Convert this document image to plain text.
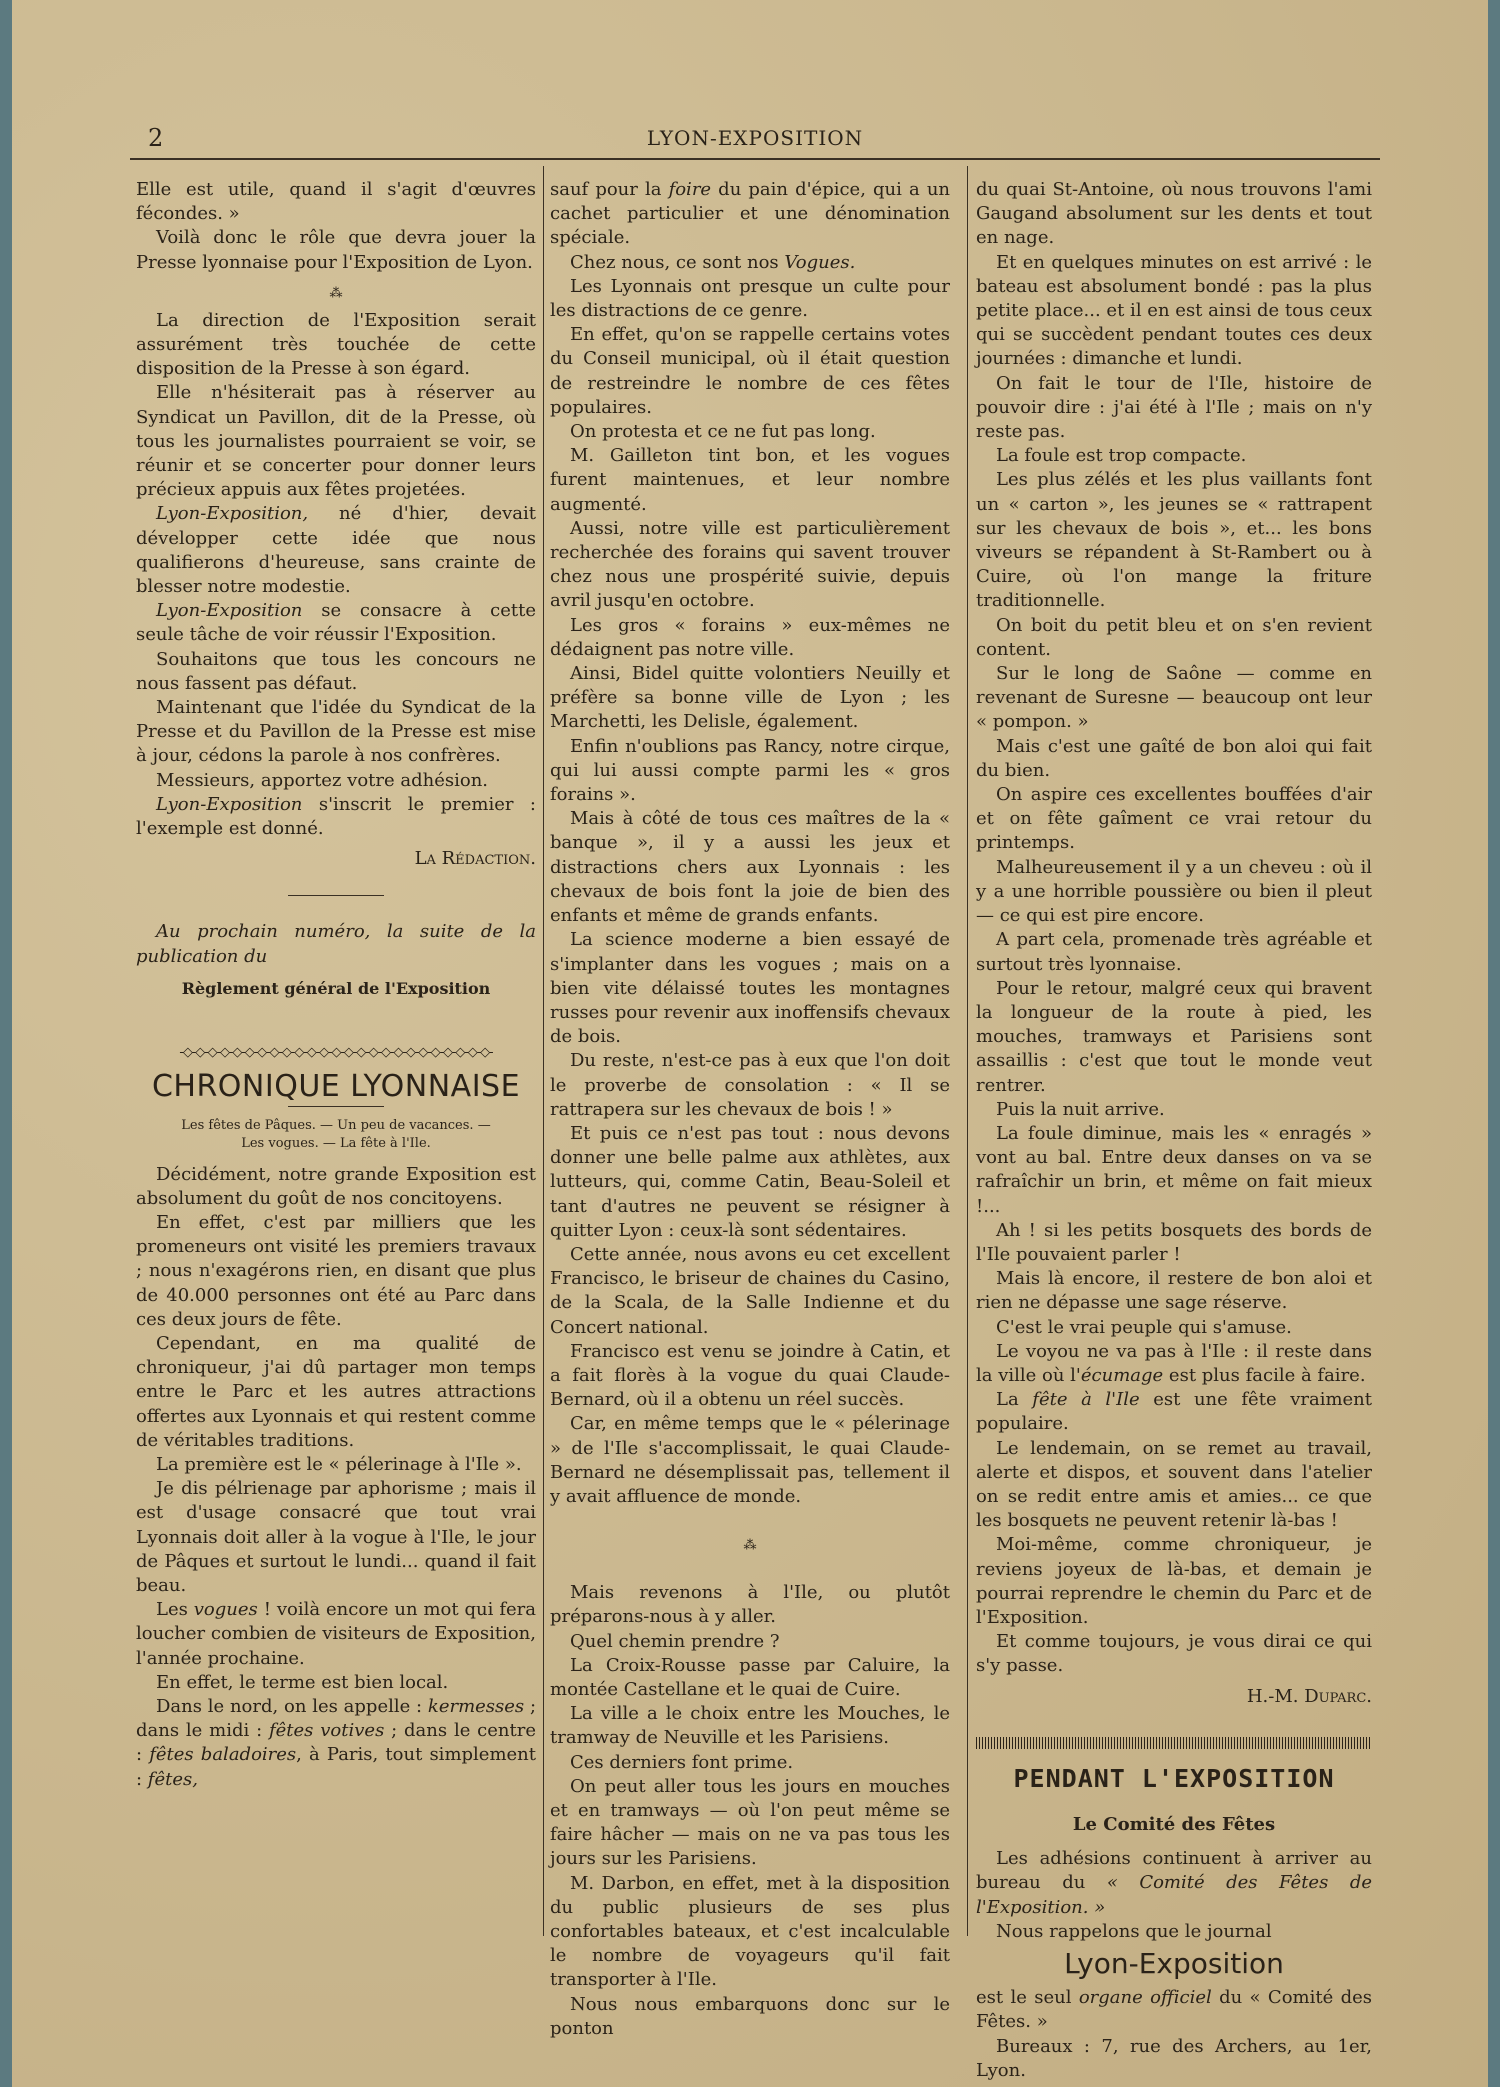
2	LYON-EXPOSITION

Elle est utile, quand il s'agit d'œuvres fécondes. »

Voilà donc le rôle que devra jouer la Presse lyonnaise pour l'Exposition de Lyon.

⁂

La direction de l'Exposition serait assurément très touchée de cette disposition de la Presse à son égard.

Elle n'hésiterait pas à réserver au Syndicat un Pavillon, dit de la Presse, où tous les journalistes pourraient se voir, se réunir et se concerter pour donner leurs précieux appuis aux fêtes projetées.

Lyon-Exposition, né d'hier, devait développer cette idée que nous qualifierons d'heureuse, sans crainte de blesser notre modestie.

Lyon-Exposition se consacre à cette seule tâche de voir réussir l'Exposition.

Souhaitons que tous les concours ne nous fassent pas défaut.

Maintenant que l'idée du Syndicat de la Presse et du Pavillon de la Presse est mise à jour, cédons la parole à nos confrères.

Messieurs, apportez votre adhésion.

Lyon-Exposition s'inscrit le premier : l'exemple est donné.

La Rédaction.

Au prochain numéro, la suite de la publication du

Règlement général de l'Exposition
-◇-◇-◇-◇-◇-◇-◇-◇-◇-◇-◇-◇-◇-◇-◇-◇-◇-◇-◇-◇-◇-◇-◇-◇-◇-
CHRONIQUE LYONNAISE
Les fêtes de Pâques. — Un peu de vacances. —
Les vogues. — La fête à l'Ile.

Décidément, notre grande Exposition est absolument du goût de nos concitoyens.

En effet, c'est par milliers que les promeneurs ont visité les premiers travaux ; nous n'exagérons rien, en disant que plus de 40.000 personnes ont été au Parc dans ces deux jours de fête.

Cependant, en ma qualité de chroniqueur, j'ai dû partager mon temps entre le Parc et les autres attractions offertes aux Lyonnais et qui restent comme de véritables traditions.

La première est le « pélerinage à l'Ile ».

Je dis pélrienage par aphorisme ; mais il est d'usage consacré que tout vrai Lyonnais doit aller à la vogue à l'Ile, le jour de Pâques et surtout le lundi... quand il fait beau.

Les vogues ! voilà encore un mot qui fera loucher combien de visiteurs de Exposition, l'année prochaine.

En effet, le terme est bien local.

Dans le nord, on les appelle : kermesses ; dans le midi : fêtes votives ; dans le centre : fêtes baladoires, à Paris, tout simplement : fêtes,

sauf pour la foire du pain d'épice, qui a un cachet particulier et une dénomination spéciale.

Chez nous, ce sont nos Vogues.

Les Lyonnais ont presque un culte pour les distractions de ce genre.

En effet, qu'on se rappelle certains votes du Conseil municipal, où il était question de restreindre le nombre de ces fêtes populaires.

On protesta et ce ne fut pas long.

M. Gailleton tint bon, et les vogues furent maintenues, et leur nombre augmenté.

Aussi, notre ville est particulièrement recherchée des forains qui savent trouver chez nous une prospérité suivie, depuis avril jusqu'en octobre.

Les gros « forains » eux-mêmes ne dédaignent pas notre ville.

Ainsi, Bidel quitte volontiers Neuilly et préfère sa bonne ville de Lyon ; les Marchetti, les Delisle, également.

Enfin n'oublions pas Rancy, notre cirque, qui lui aussi compte parmi les « gros forains ».

Mais à côté de tous ces maîtres de la « banque », il y a aussi les jeux et distractions chers aux Lyonnais : les chevaux de bois font la joie de bien des enfants et même de grands enfants.

La science moderne a bien essayé de s'implanter dans les vogues ; mais on a bien vite délaissé toutes les montagnes russes pour revenir aux inoffensifs chevaux de bois.

Du reste, n'est-ce pas à eux que l'on doit le proverbe de consolation : « Il se rattrapera sur les chevaux de bois ! »

Et puis ce n'est pas tout : nous devons donner une belle palme aux athlètes, aux lutteurs, qui, comme Catin, Beau-Soleil et tant d'autres ne peuvent se résigner à quitter Lyon : ceux-là sont sédentaires.

Cette année, nous avons eu cet excellent Francisco, le briseur de chaines du Casino, de la Scala, de la Salle Indienne et du Concert national.

Francisco est venu se joindre à Catin, et a fait florès à la vogue du quai Claude-Bernard, où il a obtenu un réel succès.

Car, en même temps que le « pélerinage » de l'Ile s'accomplissait, le quai Claude-Bernard ne désemplissait pas, tellement il y avait affluence de monde.

⁂

Mais revenons à l'Ile, ou plutôt préparons-nous à y aller.

Quel chemin prendre ?

La Croix-Rousse passe par Caluire, la montée Castellane et le quai de Cuire.

La ville a le choix entre les Mouches, le tramway de Neuville et les Parisiens.

Ces derniers font prime.

On peut aller tous les jours en mouches et en tramways — où l'on peut même se faire hâcher — mais on ne va pas tous les jours sur les Parisiens.

M. Darbon, en effet, met à la disposition du public plusieurs de ses plus confortables bateaux, et c'est incalculable le nombre de voyageurs qu'il fait transporter à l'Ile.

Nous nous embarquons donc sur le ponton

du quai St-Antoine, où nous trouvons l'ami Gaugand absolument sur les dents et tout en nage.

Et en quelques minutes on est arrivé : le bateau est absolument bondé : pas la plus petite place... et il en est ainsi de tous ceux qui se succèdent pendant toutes ces deux journées : dimanche et lundi.

On fait le tour de l'Ile, histoire de pouvoir dire : j'ai été à l'Ile ; mais on n'y reste pas.

La foule est trop compacte.

Les plus zélés et les plus vaillants font un « carton », les jeunes se « rattrapent sur les chevaux de bois », et... les bons viveurs se répandent à St-Rambert ou à Cuire, où l'on mange la friture traditionnelle.

On boit du petit bleu et on s'en revient content.

Sur le long de Saône — comme en revenant de Suresne — beaucoup ont leur « pompon. »

Mais c'est une gaîté de bon aloi qui fait du bien.

On aspire ces excellentes bouffées d'air et on fête gaîment ce vrai retour du printemps.

Malheureusement il y a un cheveu : où il y a une horrible poussière ou bien il pleut — ce qui est pire encore.

A part cela, promenade très agréable et surtout très lyonnaise.

Pour le retour, malgré ceux qui bravent la longueur de la route à pied, les mouches, tramways et Parisiens sont assaillis : c'est que tout le monde veut rentrer.

Puis la nuit arrive.

La foule diminue, mais les « enragés » vont au bal. Entre deux danses on va se rafraîchir un brin, et même on fait mieux !...

Ah ! si les petits bosquets des bords de l'Ile pouvaient parler !

Mais là encore, il restere de bon aloi et rien ne dépasse une sage réserve.

C'est le vrai peuple qui s'amuse.

Le voyou ne va pas à l'Ile : il reste dans la ville où l'écumage est plus facile à faire.

La fête à l'Ile est une fête vraiment populaire.

Le lendemain, on se remet au travail, alerte et dispos, et souvent dans l'atelier on se redit entre amis et amies... ce que les bosquets ne peuvent retenir là-bas !

Moi-même, comme chroniqueur, je reviens joyeux de là-bas, et demain je pourrai reprendre le chemin du Parc et de l'Exposition.

Et comme toujours, je vous dirai ce qui s'y passe.

H.-M. Duparc.
PENDANT L'EXPOSITION
Le Comité des Fêtes

Les adhésions continuent à arriver au bureau du « Comité des Fêtes de l'Exposition. »

Nous rappelons que le journal

Lyon-Exposition

est le seul organe officiel du « Comité des Fêtes. »

Bureaux : 7, rue des Archers, au 1er, Lyon.
